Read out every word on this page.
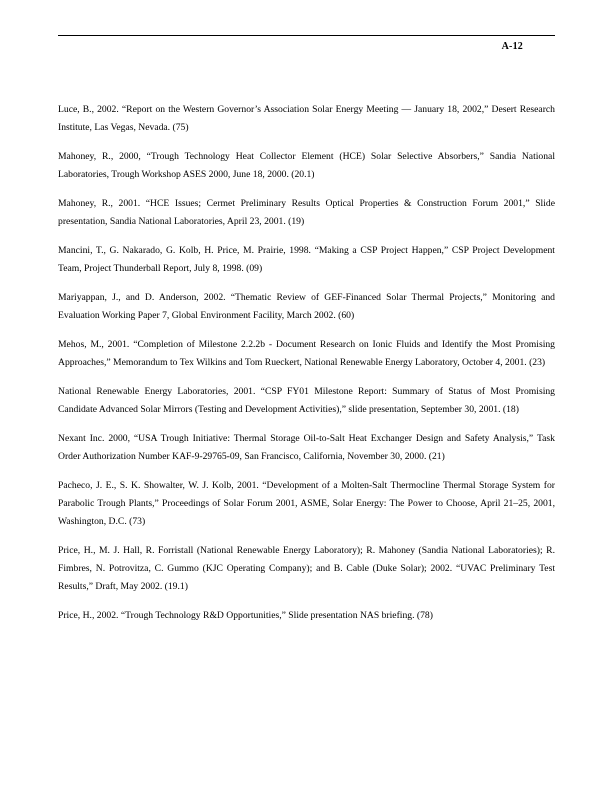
A-12

Luce, B., 2002. “Report on the Western Governor’s Association Solar Energy Meeting — January 18, 2002,” Desert Research Institute, Las Vegas, Nevada. (75)

Mahoney, R., 2000, “Trough Technology Heat Collector Element (HCE) Solar Selective Absorbers,” Sandia National Laboratories, Trough Workshop ASES 2000, June 18, 2000. (20.1)

Mahoney, R., 2001. “HCE Issues; Cermet Preliminary Results Optical Properties & Construction Forum 2001,” Slide presentation, Sandia National Laboratories, April 23, 2001. (19)

Mancini, T., G. Nakarado, G. Kolb, H. Price, M. Prairie, 1998. “Making a CSP Project Happen,” CSP Project Development Team, Project Thunderball Report, July 8, 1998. (09)

Mariyappan, J., and D. Anderson, 2002. “Thematic Review of GEF-Financed Solar Thermal Projects,” Monitoring and Evaluation Working Paper 7, Global Environment Facility, March 2002. (60)

Mehos, M., 2001. “Completion of Milestone 2.2.2b - Document Research on Ionic Fluids and Identify the Most Promising Approaches,” Memorandum to Tex Wilkins and Tom Rueckert, National Renewable Energy Laboratory, October 4, 2001. (23)

National Renewable Energy Laboratories, 2001. “CSP FY01 Milestone Report: Summary of Status of Most Promising Candidate Advanced Solar Mirrors (Testing and Development Activities),” slide presentation, September 30, 2001. (18)

Nexant Inc. 2000, “USA Trough Initiative: Thermal Storage Oil-to-Salt Heat Exchanger Design and Safety Analysis,” Task Order Authorization Number KAF-9-29765-09, San Francisco, California, November 30, 2000. (21)

Pacheco, J. E., S. K. Showalter, W. J. Kolb, 2001. “Development of a Molten-Salt Thermocline Thermal Storage System for Parabolic Trough Plants,” Proceedings of Solar Forum 2001, ASME, Solar Energy: The Power to Choose, April 21–25, 2001, Washington, D.C. (73)

Price, H., M. J. Hall, R. Forristall (National Renewable Energy Laboratory); R. Mahoney (Sandia National Laboratories); R. Fimbres, N. Potrovitza, C. Gummo (KJC Operating Company); and B. Cable (Duke Solar); 2002. “UVAC Preliminary Test Results,” Draft, May 2002. (19.1)

Price, H., 2002. “Trough Technology R&D Opportunities,” Slide presentation NAS briefing. (78)
